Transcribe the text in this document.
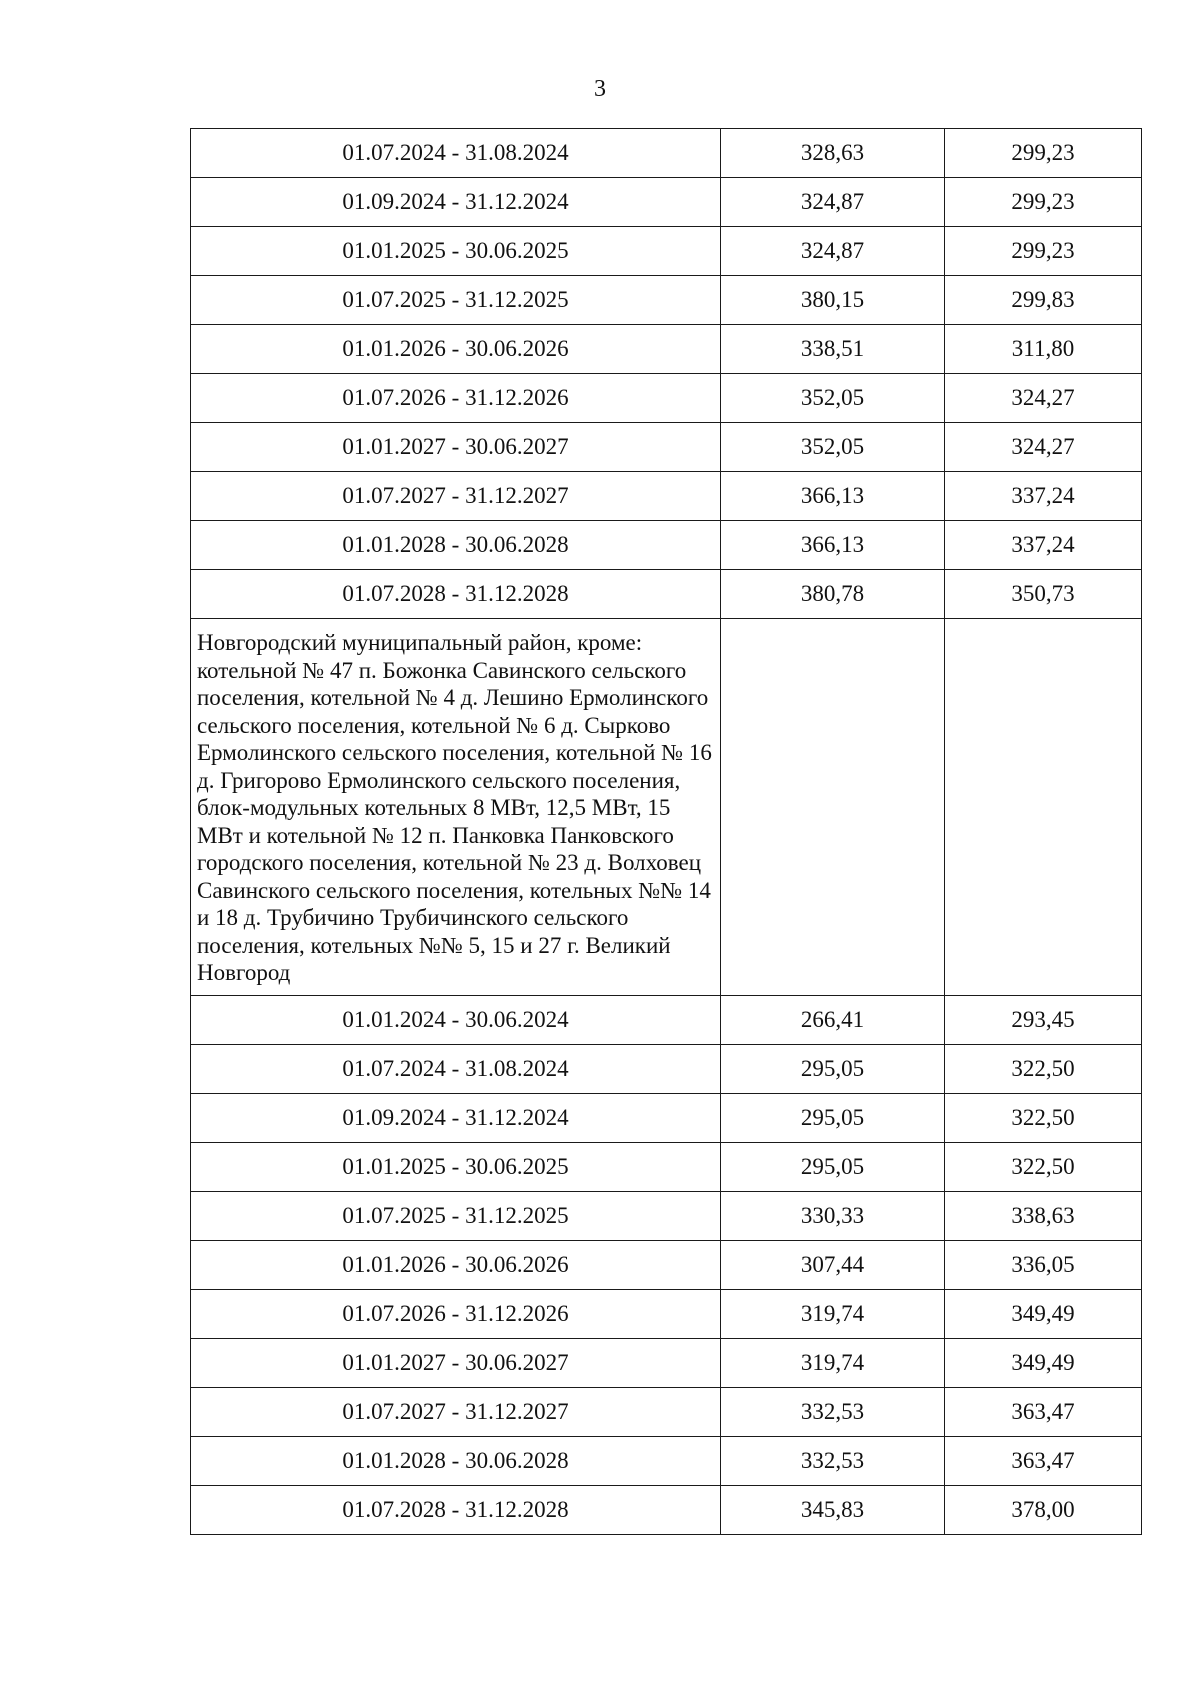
3
01.07.2024 - 31.08.2024	328,63	299,23
01.09.2024 - 31.12.2024	324,87	299,23
01.01.2025 - 30.06.2025	324,87	299,23
01.07.2025 - 31.12.2025	380,15	299,83
01.01.2026 - 30.06.2026	338,51	311,80
01.07.2026 - 31.12.2026	352,05	324,27
01.01.2027 - 30.06.2027	352,05	324,27
01.07.2027 - 31.12.2027	366,13	337,24
01.01.2028 - 30.06.2028	366,13	337,24
01.07.2028 - 31.12.2028	380,78	350,73
Новгородский муниципальный район, кроме: котельной № 47 п. Божонка Савинского сельского поселения, котельной № 4 д. Лешино Ермолинского сельского поселения, котельной № 6 д. Сырково Ермолинского сельского поселения, котельной № 16 д. Григорово Ермолинского сельского поселения, блок-модульных котельных 8 МВт, 12,5 МВт, 15 МВт и котельной № 12 п. Панковка Панковского городского поселения, котельной № 23 д. Волховец Савинского сельского поселения, котельных №№ 14 и 18 д. Трубичино Трубичинского сельского поселения, котельных №№ 5, 15 и 27 г. Великий Новгород		
01.01.2024 - 30.06.2024	266,41	293,45
01.07.2024 - 31.08.2024	295,05	322,50
01.09.2024 - 31.12.2024	295,05	322,50
01.01.2025 - 30.06.2025	295,05	322,50
01.07.2025 - 31.12.2025	330,33	338,63
01.01.2026 - 30.06.2026	307,44	336,05
01.07.2026 - 31.12.2026	319,74	349,49
01.01.2027 - 30.06.2027	319,74	349,49
01.07.2027 - 31.12.2027	332,53	363,47
01.01.2028 - 30.06.2028	332,53	363,47
01.07.2028 - 31.12.2028	345,83	378,00
